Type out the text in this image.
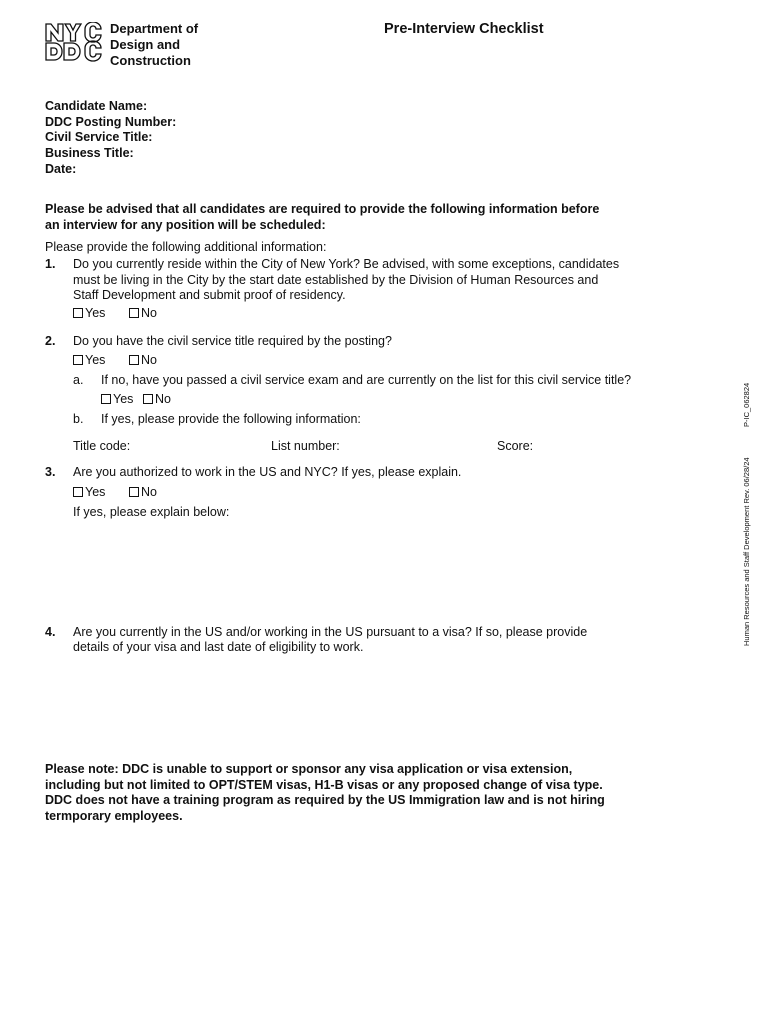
Department of
Design and
Construction
Pre-Interview Checklist
Candidate Name:
DDC Posting Number:
Civil Service Title:
Business Title:
Date:
Please be advised that all candidates are required to provide the following information before an interview for any position will be scheduled:
Please provide the following additional information:
1. Do you currently reside within the City of New York? Be advised, with some exceptions, candidates
must be living in the City by the start date established by the Division of Human Resources and
Staff Development and submit proof of residency.
Yes	No
2. Do you have the civil service title required by the posting?
Yes	No
a. If no, have you passed a civil service exam and are currently on the list for this civil service title?
Yes	No
b. If yes, please provide the following information:
Title code:	List number:	Score:
3. Are you authorized to work in the US and NYC? If yes, please explain.
Yes	No
If yes, please explain below:
4. Are you currently in the US and/or working in the US pursuant to a visa? If so, please provide
details of your visa and last date of eligibility to work.
Please note: DDC is unable to support or sponsor any visa application or visa extension,
including but not limited to OPT/STEM visas, H1-B visas or any proposed change of visa type.
DDC does not have a training program as required by the US Immigration law and is not hiring
termporary employees.
Human Resources and Staff Development Rev. 06/28/24
P-IC_062824
